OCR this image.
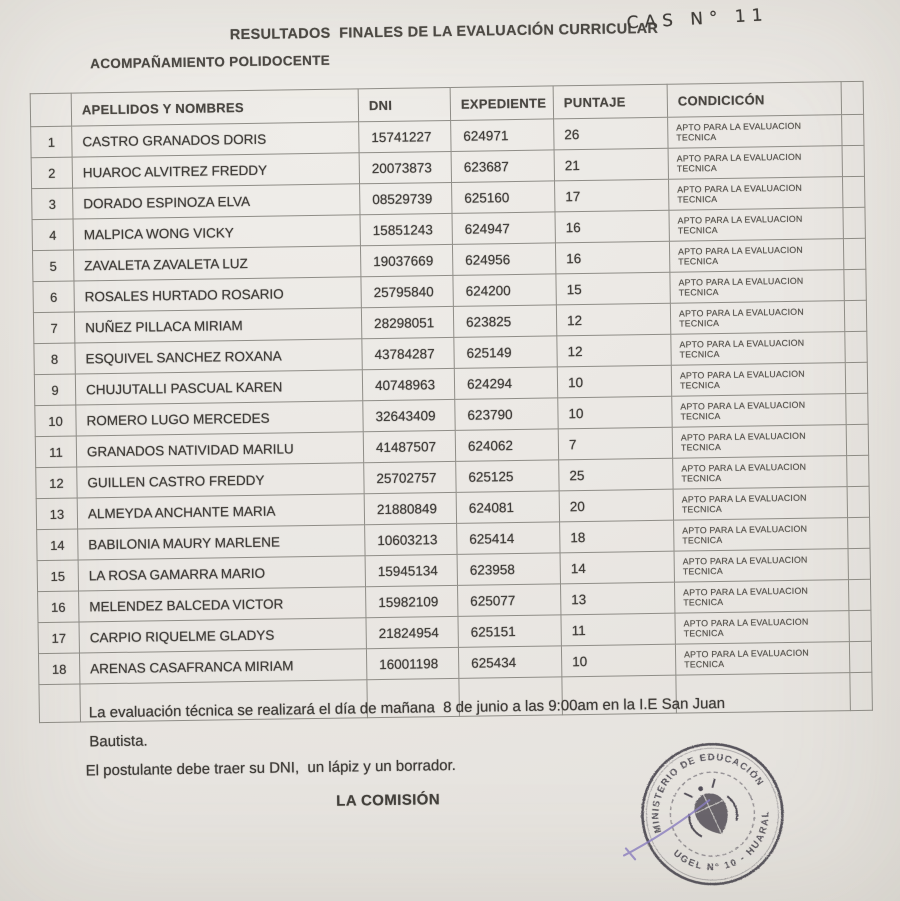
RESULTADOS  FINALES DE LA EVALUACIÓN CURRICULAR
CAS N° 11
ACOMPAÑAMIENTO POLIDOCENTE
	APELLIDOS Y NOMBRES	DNI	EXPEDIENTE	PUNTAJE	CONDICICÓN	
1	CASTRO GRANADOS DORIS	15741227	624971	26	APTO PARA LA EVALUACION
TECNICA	

2	HUAROC ALVITREZ FREDDY	20073873	623687	21	APTO PARA LA EVALUACION
TECNICA	

3	DORADO ESPINOZA ELVA	08529739	625160	17	APTO PARA LA EVALUACION
TECNICA	

4	MALPICA WONG VICKY	15851243	624947	16	APTO PARA LA EVALUACION
TECNICA	

5	ZAVALETA ZAVALETA LUZ	19037669	624956	16	APTO PARA LA EVALUACION
TECNICA	

6	ROSALES HURTADO ROSARIO	25795840	624200	15	APTO PARA LA EVALUACION
TECNICA	

7	NUÑEZ PILLACA MIRIAM	28298051	623825	12	APTO PARA LA EVALUACION
TECNICA	

8	ESQUIVEL SANCHEZ ROXANA	43784287	625149	12	APTO PARA LA EVALUACION
TECNICA	

9	CHUJUTALLI PASCUAL KAREN	40748963	624294	10	APTO PARA LA EVALUACION
TECNICA	

10	ROMERO LUGO MERCEDES	32643409	623790	10	APTO PARA LA EVALUACION
TECNICA	

11	GRANADOS NATIVIDAD MARILU	41487507	624062	7	APTO PARA LA EVALUACION
TECNICA	

12	GUILLEN CASTRO FREDDY	25702757	625125	25	APTO PARA LA EVALUACION
TECNICA	

13	ALMEYDA ANCHANTE MARIA	21880849	624081	20	APTO PARA LA EVALUACION
TECNICA	

14	BABILONIA MAURY MARLENE	10603213	625414	18	APTO PARA LA EVALUACION
TECNICA	

15	LA ROSA GAMARRA MARIO	15945134	623958	14	APTO PARA LA EVALUACION
TECNICA	

16	MELENDEZ BALCEDA VICTOR	15982109	625077	13	APTO PARA LA EVALUACION
TECNICA	

17	CARPIO RIQUELME GLADYS	21824954	625151	11	APTO PARA LA EVALUACION
TECNICA	

18	ARENAS CASAFRANCA MIRIAM	16001198	625434	10	APTO PARA LA EVALUACION
TECNICA	

La evaluación técnica se realizará el día de mañana  8 de junio a las 9:00am en la I.E San Juan
Bautista.
El postulante debe traer su DNI,  un lápiz y un borrador.
LA COMISIÓN
MINISTERIO DE EDUCACIÓN
UGEL N° 10 - HUARAL
